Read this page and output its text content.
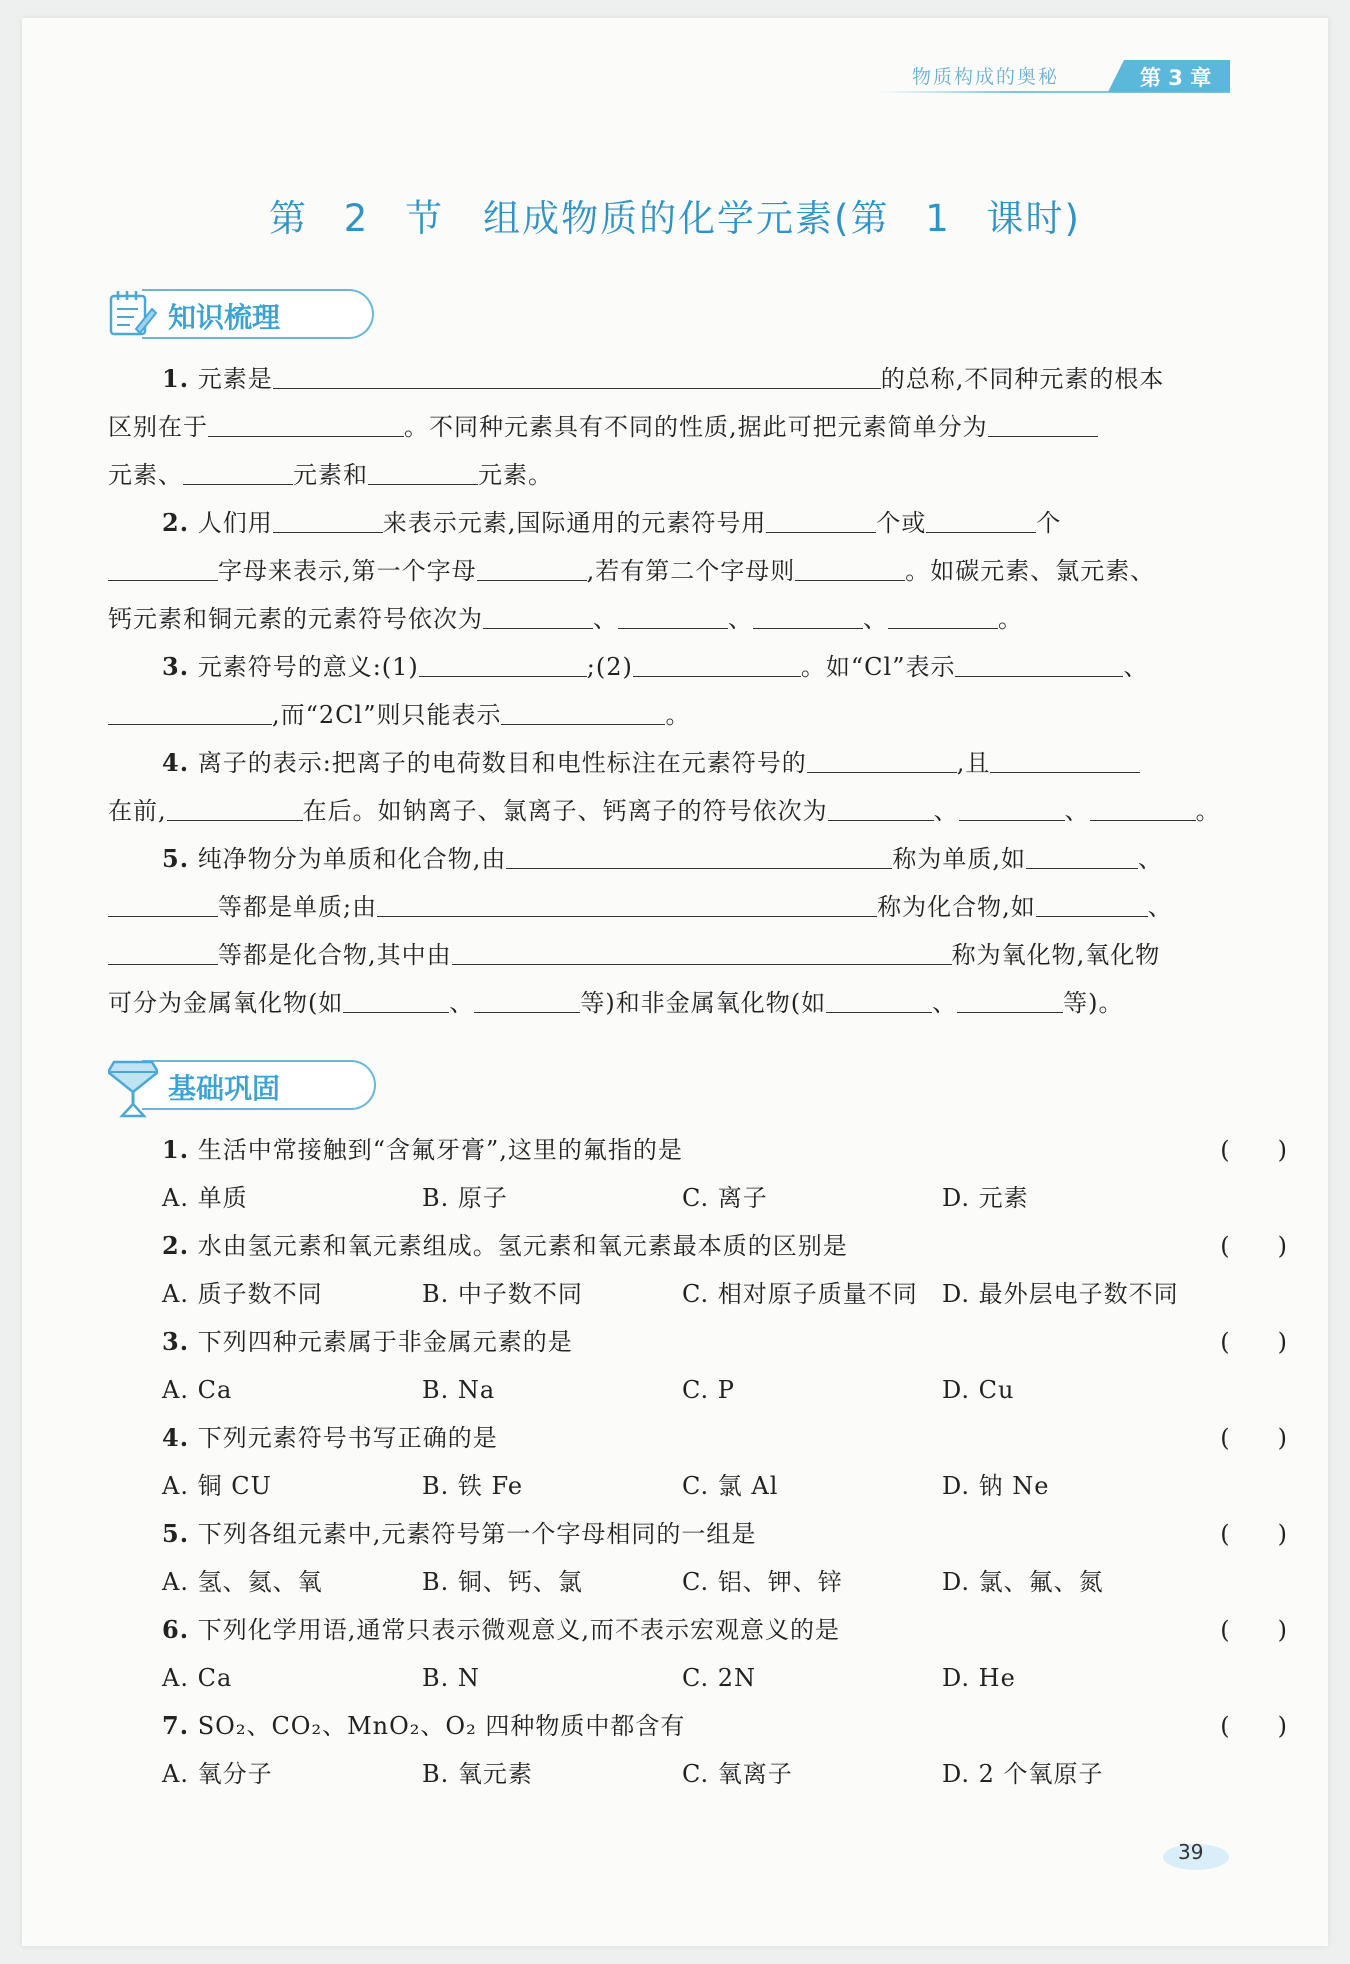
物质构成的奥秘	第 3 章
第 2 节　组成物质的化学元素(第 1 课时)
知识梳理
1. 元素是	的总称,不同种元素的根本
区别在于	。不同种元素具有不同的性质,据此可把元素简单分为
元素、	元素和	元素。
2. 人们用	来表示元素,国际通用的元素符号用	个或	个
字母来表示,第一个字母	,若有第二个字母则	。如碳元素、氯元素、
钙元素和铜元素的元素符号依次为	、	、	、	。
3. 元素符号的意义:(1)	;(2)	。如“Cl”表示	、
,而“2Cl”则只能表示	。
4. 离子的表示:把离子的电荷数目和电性标注在元素符号的	,且
在前,	在后。如钠离子、氯离子、钙离子的符号依次为	、	、	。
5. 纯净物分为单质和化合物,由	称为单质,如	、
等都是单质;由	称为化合物,如	、
等都是化合物,其中由	称为氧化物,氧化物
可分为金属氧化物(如	、	等)和非金属氧化物(如	、	等)。
基础巩固
1. 生活中常接触到“含氟牙膏”,这里的氟指的是	(　　)
A. 单质	B. 原子	C. 离子	D. 元素
2. 水由氢元素和氧元素组成。氢元素和氧元素最本质的区别是	(　　)
A. 质子数不同	B. 中子数不同	C. 相对原子质量不同 D. 最外层电子数不同
3. 下列四种元素属于非金属元素的是	(　　)
A. Ca	B. Na	C. P	D. Cu
4. 下列元素符号书写正确的是	(　　)
A. 铜 CU	B. 铁 Fe	C. 氯 Al	D. 钠 Ne
5. 下列各组元素中,元素符号第一个字母相同的一组是	(　　)
A. 氢、氦、氧	B. 铜、钙、氯	C. 铝、钾、锌	D. 氯、氟、氮
6. 下列化学用语,通常只表示微观意义,而不表示宏观意义的是	(　　)
A. Ca	B. N	C. 2N	D. He
7. SO₂、CO₂、MnO₂、O₂ 四种物质中都含有	(　　)
A. 氧分子	B. 氧元素	C. 氧离子	D. 2 个氧原子
39
